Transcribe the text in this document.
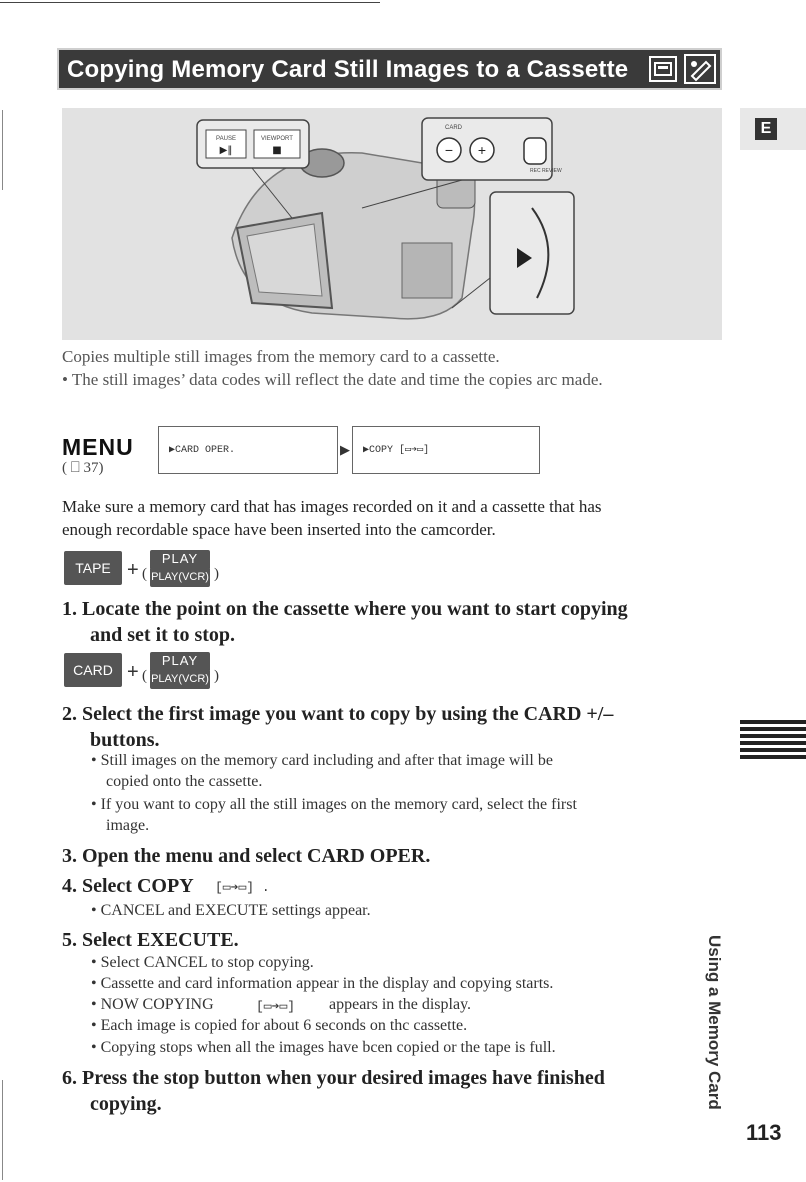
Copying Memory Card Still Images to a Cassette
E
PAUSE
▶‖
VIEWPORT
■
CARD
− +
REC REVIEW
Copies multiple still images from the memory card to a cassette.
• The still images’ data codes will reflect the date and time the copies arc made.
MENU
( ⎕ 37)
▶CARD OPER.	▶ ▶COPY [▭➔▭]
Make sure a memory card that has images recorded on it and a cassette that has
enough recordable space have been inserted into the camcorder.
TAPE + (
PLAY
PLAY(VCR) )
1. Locate the point on the cassette where you want to start copying
and set it to stop.
CARD + (
PLAY
PLAY(VCR) )
2. Select the first image you want to copy by using the CARD +/–
buttons.
• Still images on the memory card including and after that image will be
copied onto the cassette.
• If you want to copy all the still images on the memory card, select the first
image.
3. Open the menu and select CARD OPER.
4. Select COPY [▭➔▭] .
• CANCEL and EXECUTE settings appear.
5. Select EXECUTE.
• Select CANCEL to stop copying.
• Cassette and card information appear in the display and copying starts.
• NOW COPYING	[▭➔▭] appears in the display.
• Each image is copied for about 6 seconds on thc cassette.
• Copying stops when all the images have bcen copied or the tape is full.
6. Press the stop button when your desired images have finished
copying.	Using a Memory Card
113
